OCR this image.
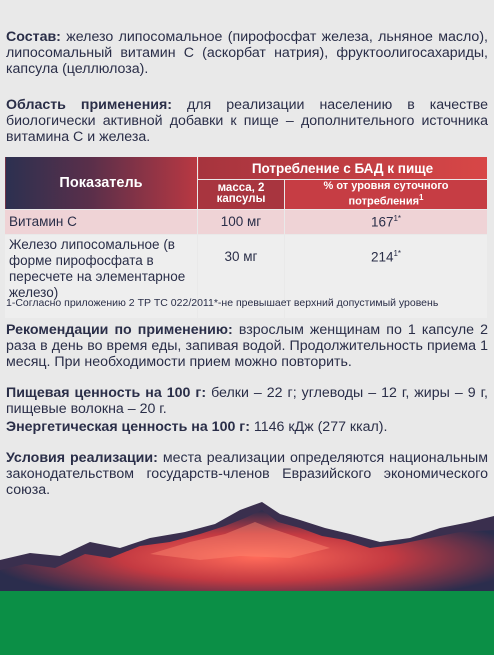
Состав: железо липосомальное (пирофосфат железа, льняное масло), липосомальный витамин С (аскорбат натрия), фруктоолигосахариды, капсула (целлюлоза).
Область применения: для реализации населению в качестве биологически активной добавки к пище – дополнительного источника витамина С и железа.
Показатель	Потребление с БАД к пище	
	масса, 2 капсулы	% от уровня суточного потребления$^1$
Витамин С	100 мг	$167^{1*}$
Железо липосомальное (в форме пирофосфата в пересчете на элементарное железо)	30 мг	$214^{1*}$
1-Согласно приложению 2 ТР ТС 022/2011*-не превышает верхний допустимый уровень
Рекомендации по применению: взрослым женщинам по 1 капсуле 2 раза в день во время еды, запивая водой. Продолжительность приема 1 месяц. При необходимости прием можно повторить.
Пищевая ценность на 100 г: белки – 22 г; углеводы – 12 г, жиры – 9 г, пищевые волокна – 20 г.
Энергетическая ценность на 100 г: 1146 кДж (277 ккал).
Условия реализации: места реализации определяются национальным законодательством государств-членов Евразийского экономического союза.
